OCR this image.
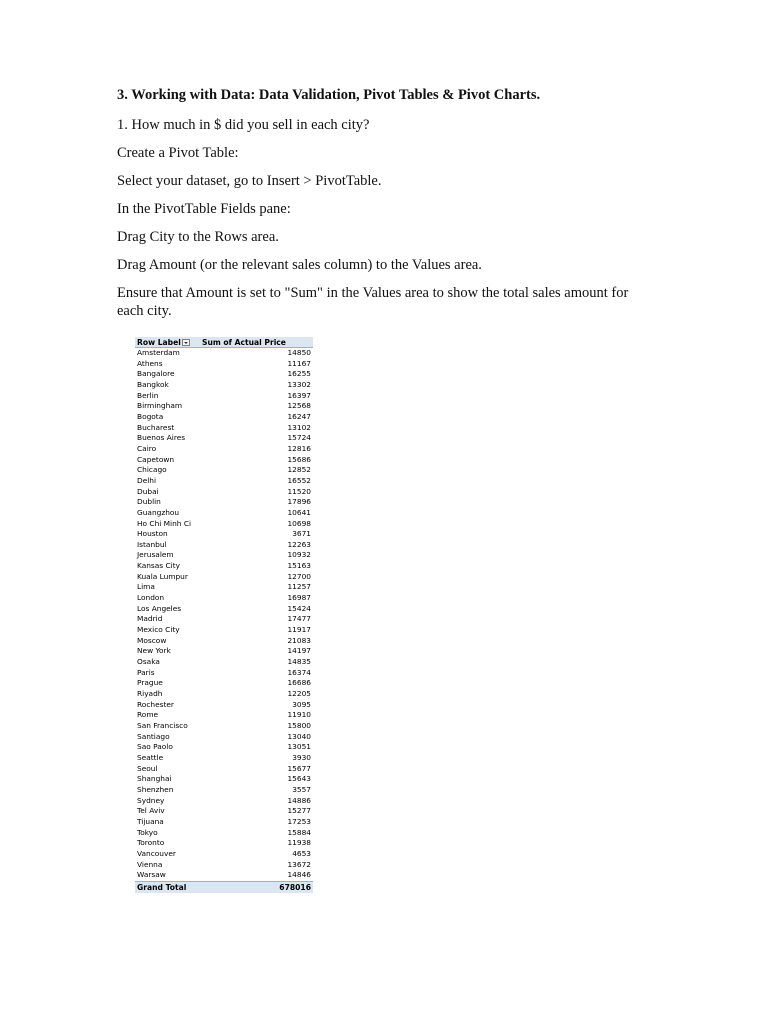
3. Working with Data: Data Validation, Pivot Tables & Pivot Charts.

1. How much in $ did you sell in each city?

Create a Pivot Table:

Select your dataset, go to Insert > PivotTable.

In the PivotTable Fields pane:

Drag City to the Rows area.

Drag Amount (or the relevant sales column) to the Values area.

Ensure that Amount is set to "Sum" in the Values area to show the total sales amount for each city.

Row Label	Sum of Actual Price
Amsterdam	14850
Athens	11167
Bangalore	16255
Bangkok	13302
Berlin	16397
Birmingham	12568
Bogota	16247
Bucharest	13102
Buenos Aires	15724
Cairo	12816
Capetown	15686
Chicago	12852
Delhi	16552
Dubai	11520
Dublin	17896
Guangzhou	10641
Ho Chi Minh Ci	10698
Houston	3671
Istanbul	12263
Jerusalem	10932
Kansas City	15163
Kuala Lumpur	12700
Lima	11257
London	16987
Los Angeles	15424
Madrid	17477
Mexico City	11917
Moscow	21083
New York	14197
Osaka	14835
Paris	16374
Prague	16686
Riyadh	12205
Rochester	3095
Rome	11910
San Francisco	15800
Santiago	13040
Sao Paolo	13051
Seattle	3930
Seoul	15677
Shanghai	15643
Shenzhen	3557
Sydney	14886
Tel Aviv	15277
Tijuana	17253
Tokyo	15884
Toronto	11938
Vancouver	4653
Vienna	13672
Warsaw	14846
Grand Total	678016
